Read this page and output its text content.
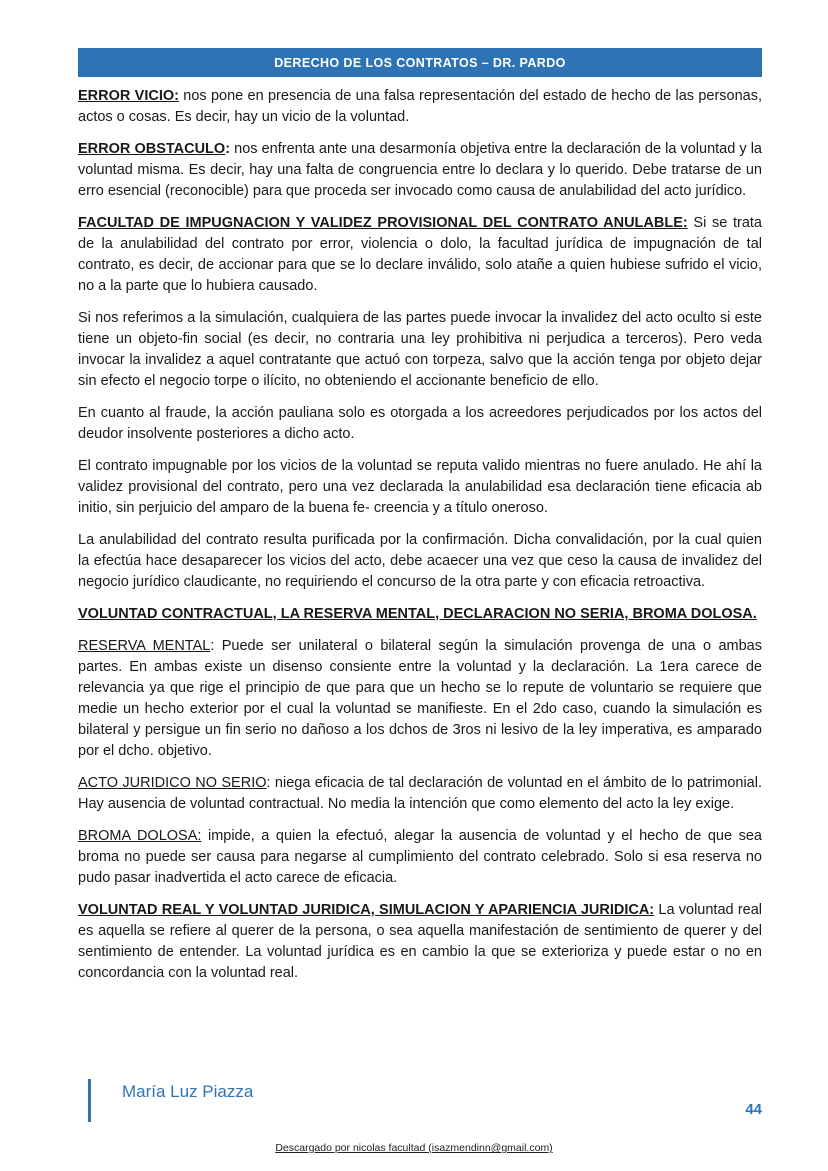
DERECHO DE LOS CONTRATOS – DR. PARDO

ERROR VICIO: nos pone en presencia de una falsa representación del estado de hecho de las personas, actos o cosas. Es decir, hay un vicio de la voluntad.

ERROR OBSTACULO: nos enfrenta ante una desarmonía objetiva entre la declaración de la voluntad y la voluntad misma. Es decir, hay una falta de congruencia entre lo declara y lo querido. Debe tratarse de un erro esencial (reconocible) para que proceda ser invocado como causa de anulabilidad del acto jurídico.

FACULTAD DE IMPUGNACION Y VALIDEZ PROVISIONAL DEL CONTRATO ANULABLE: Si se trata de la anulabilidad del contrato por error, violencia o dolo, la facultad jurídica de impugnación de tal contrato, es decir, de accionar para que se lo declare inválido, solo atañe a quien hubiese sufrido el vicio, no a la parte que lo hubiera causado.

Si nos referimos a la simulación, cualquiera de las partes puede invocar la invalidez del acto oculto si este tiene un objeto-fin social (es decir, no contraria una ley prohibitiva ni perjudica a terceros). Pero veda invocar la invalidez a aquel contratante que actuó con torpeza, salvo que la acción tenga por objeto dejar sin efecto el negocio torpe o ilícito, no obteniendo el accionante beneficio de ello.

En cuanto al fraude, la acción pauliana solo es otorgada a los acreedores perjudicados por los actos del deudor insolvente posteriores a dicho acto.

El contrato impugnable por los vicios de la voluntad se reputa valido mientras no fuere anulado. He ahí la validez provisional del contrato, pero una vez declarada la anulabilidad esa declaración tiene eficacia ab initio, sin perjuicio del amparo de la buena fe- creencia y a título oneroso.

La anulabilidad del contrato resulta purificada por la confirmación. Dicha convalidación, por la cual quien la efectúa hace desaparecer los vicios del acto, debe acaecer una vez que ceso la causa de invalidez del negocio jurídico claudicante, no requiriendo el concurso de la otra parte y con eficacia retroactiva.

VOLUNTAD CONTRACTUAL, LA RESERVA MENTAL, DECLARACION NO SERIA, BROMA DOLOSA.

RESERVA MENTAL: Puede ser unilateral o bilateral según la simulación provenga de una o ambas partes. En ambas existe un disenso consiente entre la voluntad y la declaración. La 1era carece de relevancia ya que rige el principio de que para que un hecho se lo repute de voluntario se requiere que medie un hecho exterior por el cual la voluntad se manifieste. En el 2do caso, cuando la simulación es bilateral y persigue un fin serio no dañoso a los dchos de 3ros ni lesivo de la ley imperativa, es amparado por el dcho. objetivo.

ACTO JURIDICO NO SERIO: niega eficacia de tal declaración de voluntad en el ámbito de lo patrimonial. Hay ausencia de voluntad contractual. No media la intención que como elemento del acto la ley exige.

BROMA DOLOSA: impide, a quien la efectuó, alegar la ausencia de voluntad y el hecho de que sea broma no puede ser causa para negarse al cumplimiento del contrato celebrado. Solo si esa reserva no pudo pasar inadvertida el acto carece de eficacia.

VOLUNTAD REAL Y VOLUNTAD JURIDICA, SIMULACION Y APARIENCIA JURIDICA: La voluntad real es aquella se refiere al querer de la persona, o sea aquella manifestación de sentimiento de querer y del sentimiento de entender. La voluntad jurídica es en cambio la que se exterioriza y puede estar o no en concordancia con la voluntad real.

María Luz Piazza
44
Descargado por nicolas facultad (isazmendinn@gmail.com)
